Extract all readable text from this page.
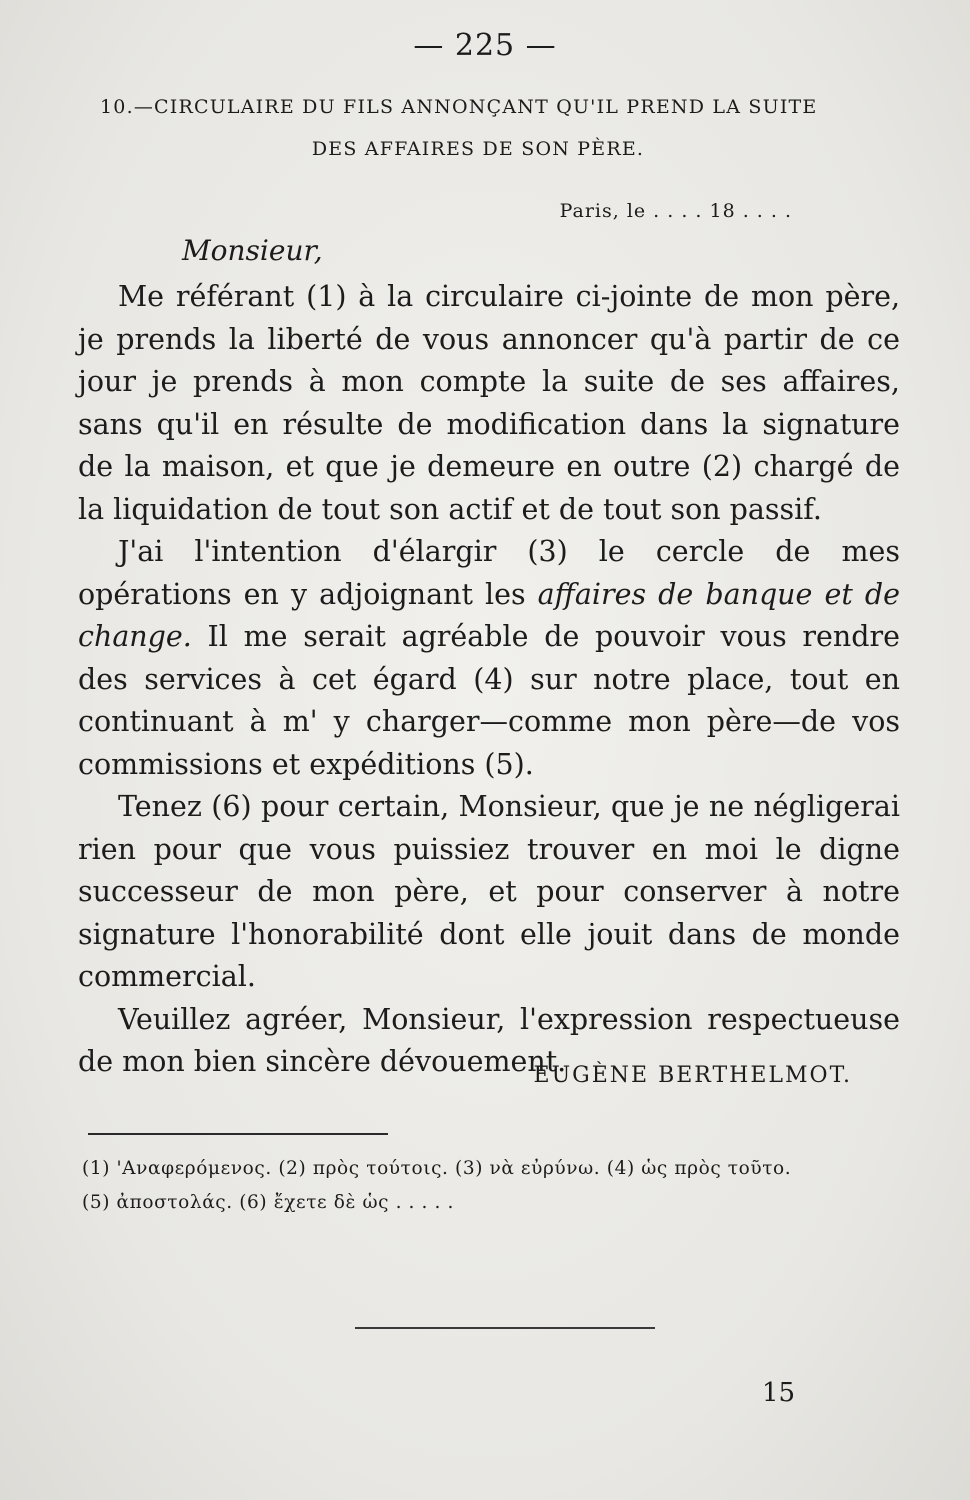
— 225 —
10.—CIRCULAIRE DU FILS ANNONÇANT QU'IL PREND LA SUITE
DES AFFAIRES DE SON PÈRE.
Paris, le . . . . 18 . . . .
Monsieur,

Me référant (1) à la circulaire ci-jointe de mon père, je prends la liberté de vous annoncer qu'à partir de ce jour je prends à mon compte la suite de ses affaires, sans qu'il en résulte de modification dans la signature de la maison, et que je demeure en outre (2) chargé de la liquidation de tout son actif et de tout son passif.

J'ai l'intention d'élargir (3) le cercle de mes opérations en y adjoignant les affaires de banque et de change. Il me serait agréable de pouvoir vous rendre des services à cet égard (4) sur notre place, tout en continuant à m' y charger—comme mon père—de vos commissions et expéditions (5).

Tenez (6) pour certain, Monsieur, que je ne négligerai rien pour que vous puissiez trouver en moi le digne successeur de mon père, et pour conserver à notre signature l'honorabilité dont elle jouit dans de monde commercial.

Veuillez agréer, Monsieur, l'expression respectueuse de mon bien sincère dévouement.

EUGÈNE BERTHELMOT.
(1) 'Αναφερόμενος. (2) πρὸς τούτοις. (3) νὰ εὐρύνω. (4) ὡς πρὸς τοῦτο.
(5) ἀποστολάς. (6) ἔχετε δὲ ὡς . . . . .
15
